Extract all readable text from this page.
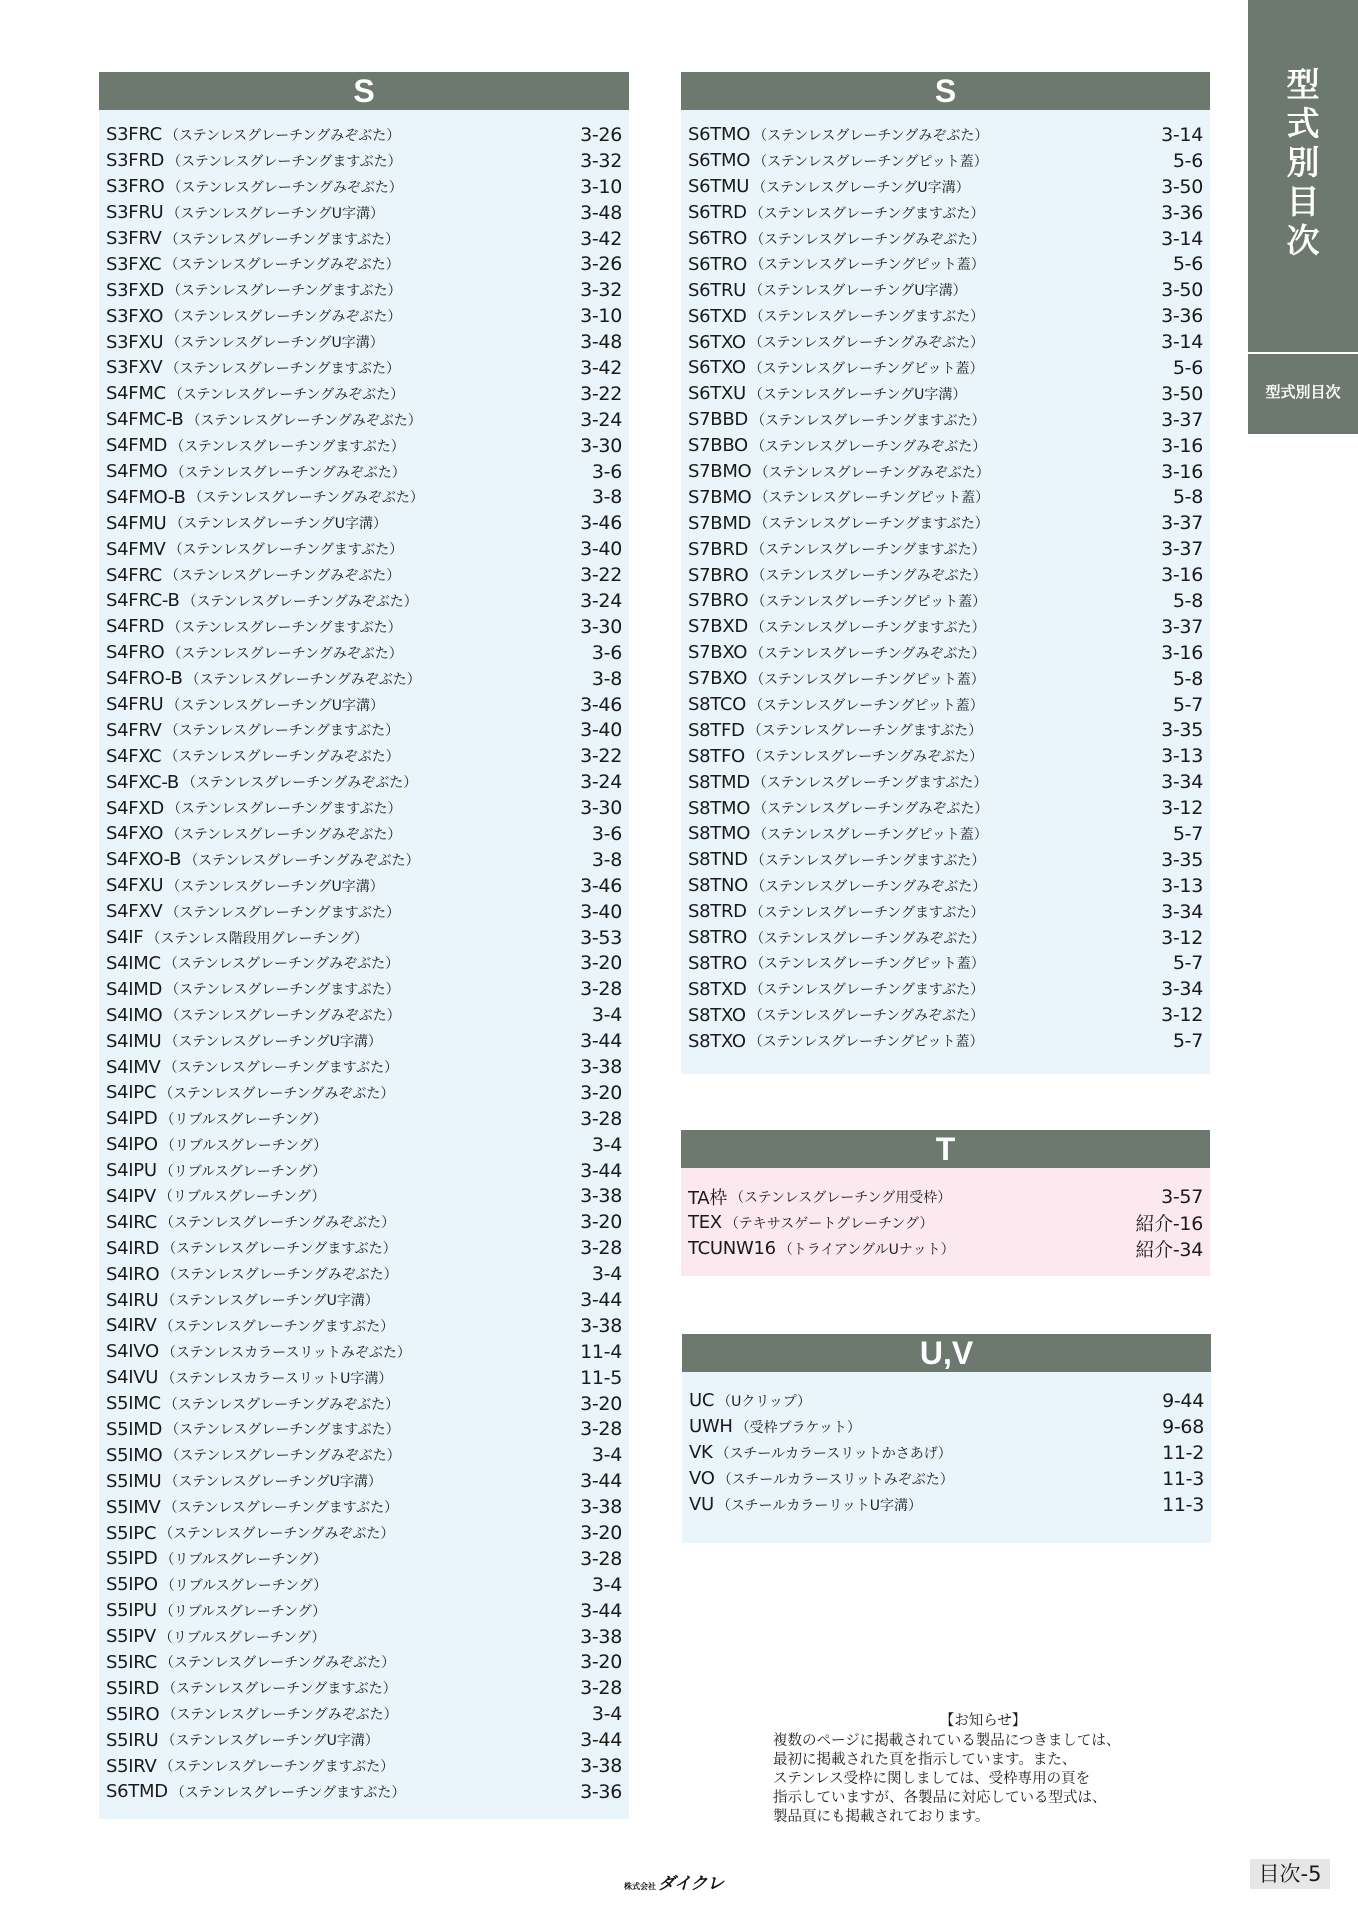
S
S3FRC （ステンレスグレーチングみぞぶた）	3-26
S3FRD （ステンレスグレーチングますぶた）	3-32
S3FRO （ステンレスグレーチングみぞぶた）	3-10
S3FRU （ステンレスグレーチングU字溝）	3-48
S3FRV （ステンレスグレーチングますぶた）	3-42
S3FXC （ステンレスグレーチングみぞぶた）	3-26
S3FXD （ステンレスグレーチングますぶた）	3-32
S3FXO （ステンレスグレーチングみぞぶた）	3-10
S3FXU （ステンレスグレーチングU字溝）	3-48
S3FXV （ステンレスグレーチングますぶた）	3-42
S4FMC （ステンレスグレーチングみぞぶた）	3-22
S4FMC-B （ステンレスグレーチングみぞぶた）	3-24
S4FMD （ステンレスグレーチングますぶた）	3-30
S4FMO （ステンレスグレーチングみぞぶた）	3-6
S4FMO-B （ステンレスグレーチングみぞぶた）	3-8
S4FMU （ステンレスグレーチングU字溝）	3-46
S4FMV （ステンレスグレーチングますぶた）	3-40
S4FRC （ステンレスグレーチングみぞぶた）	3-22
S4FRC-B （ステンレスグレーチングみぞぶた）	3-24
S4FRD （ステンレスグレーチングますぶた）	3-30
S4FRO （ステンレスグレーチングみぞぶた）	3-6
S4FRO-B （ステンレスグレーチングみぞぶた）	3-8
S4FRU （ステンレスグレーチングU字溝）	3-46
S4FRV （ステンレスグレーチングますぶた）	3-40
S4FXC （ステンレスグレーチングみぞぶた）	3-22
S4FXC-B （ステンレスグレーチングみぞぶた）	3-24
S4FXD （ステンレスグレーチングますぶた）	3-30
S4FXO （ステンレスグレーチングみぞぶた）	3-6
S4FXO-B （ステンレスグレーチングみぞぶた）	3-8
S4FXU （ステンレスグレーチングU字溝）	3-46
S4FXV （ステンレスグレーチングますぶた）	3-40
S4IF （ステンレス階段用グレーチング）	3-53
S4IMC （ステンレスグレーチングみぞぶた）	3-20
S4IMD （ステンレスグレーチングますぶた）	3-28
S4IMO （ステンレスグレーチングみぞぶた）	3-4
S4IMU （ステンレスグレーチングU字溝）	3-44
S4IMV （ステンレスグレーチングますぶた）	3-38
S4IPC （ステンレスグレーチングみぞぶた）	3-20
S4IPD （リブルスグレーチング）	3-28
S4IPO （リブルスグレーチング）	3-4
S4IPU （リブルスグレーチング）	3-44
S4IPV （リブルスグレーチング）	3-38
S4IRC （ステンレスグレーチングみぞぶた）	3-20
S4IRD （ステンレスグレーチングますぶた）	3-28
S4IRO （ステンレスグレーチングみぞぶた）	3-4
S4IRU （ステンレスグレーチングU字溝）	3-44
S4IRV （ステンレスグレーチングますぶた）	3-38
S4IVO （ステンレスカラースリットみぞぶた）	11-4
S4IVU （ステンレスカラースリットU字溝）	11-5
S5IMC （ステンレスグレーチングみぞぶた）	3-20
S5IMD （ステンレスグレーチングますぶた）	3-28
S5IMO （ステンレスグレーチングみぞぶた）	3-4
S5IMU （ステンレスグレーチングU字溝）	3-44
S5IMV （ステンレスグレーチングますぶた）	3-38
S5IPC （ステンレスグレーチングみぞぶた）	3-20
S5IPD （リブルスグレーチング）	3-28
S5IPO （リブルスグレーチング）	3-4
S5IPU （リブルスグレーチング）	3-44
S5IPV （リブルスグレーチング）	3-38
S5IRC （ステンレスグレーチングみぞぶた）	3-20
S5IRD （ステンレスグレーチングますぶた）	3-28
S5IRO （ステンレスグレーチングみぞぶた）	3-4
S5IRU （ステンレスグレーチングU字溝）	3-44
S5IRV （ステンレスグレーチングますぶた）	3-38
S6TMD （ステンレスグレーチングますぶた）	3-36
S
S6TMO （ステンレスグレーチングみぞぶた）	3-14
S6TMO （ステンレスグレーチングピット蓋）	5-6
S6TMU （ステンレスグレーチングU字溝）	3-50
S6TRD （ステンレスグレーチングますぶた）	3-36
S6TRO （ステンレスグレーチングみぞぶた）	3-14
S6TRO （ステンレスグレーチングピット蓋）	5-6
S6TRU （ステンレスグレーチングU字溝）	3-50
S6TXD （ステンレスグレーチングますぶた）	3-36
S6TXO （ステンレスグレーチングみぞぶた）	3-14
S6TXO （ステンレスグレーチングピット蓋）	5-6
S6TXU （ステンレスグレーチングU字溝）	3-50
S7BBD （ステンレスグレーチングますぶた）	3-37
S7BBO （ステンレスグレーチングみぞぶた）	3-16
S7BMO （ステンレスグレーチングみぞぶた）	3-16
S7BMO （ステンレスグレーチングピット蓋）	5-8
S7BMD （ステンレスグレーチングますぶた）	3-37
S7BRD （ステンレスグレーチングますぶた）	3-37
S7BRO （ステンレスグレーチングみぞぶた）	3-16
S7BRO （ステンレスグレーチングピット蓋）	5-8
S7BXD （ステンレスグレーチングますぶた）	3-37
S7BXO （ステンレスグレーチングみぞぶた）	3-16
S7BXO （ステンレスグレーチングピット蓋）	5-8
S8TCO （ステンレスグレーチングピット蓋）	5-7
S8TFD （ステンレスグレーチングますぶた）	3-35
S8TFO （ステンレスグレーチングみぞぶた）	3-13
S8TMD （ステンレスグレーチングますぶた）	3-34
S8TMO （ステンレスグレーチングみぞぶた）	3-12
S8TMO （ステンレスグレーチングピット蓋）	5-7
S8TND （ステンレスグレーチングますぶた）	3-35
S8TNO （ステンレスグレーチングみぞぶた）	3-13
S8TRD （ステンレスグレーチングますぶた）	3-34
S8TRO （ステンレスグレーチングみぞぶた）	3-12
S8TRO （ステンレスグレーチングピット蓋）	5-7
S8TXD （ステンレスグレーチングますぶた）	3-34
S8TXO （ステンレスグレーチングみぞぶた）	3-12
S8TXO （ステンレスグレーチングピット蓋）	5-7
T
TA枠 （ステンレスグレーチング用受枠）	3-57
TEX （テキサスゲートグレーチング）	紹介-16
TCUNW16 （トライアングルUナット）	紹介-34
U,V
UC （Uクリップ）	9-44
UWH （受枠ブラケット）	9-68
VK （スチールカラースリットかさあげ）	11-2
VO （スチールカラースリットみぞぶた）	11-3
VU （スチールカラーリットU字溝）	11-3
型
式
別
目
次
型式別目次
【お知らせ】
複数のページに掲載されている製品につきましては、
最初に掲載された頁を指示しています。また、
ステンレス受枠に関しましては、受枠専用の頁を
指示していますが、各製品に対応している型式は、
製品頁にも掲載されております。
株式会社 ダイクレ	目次-5
